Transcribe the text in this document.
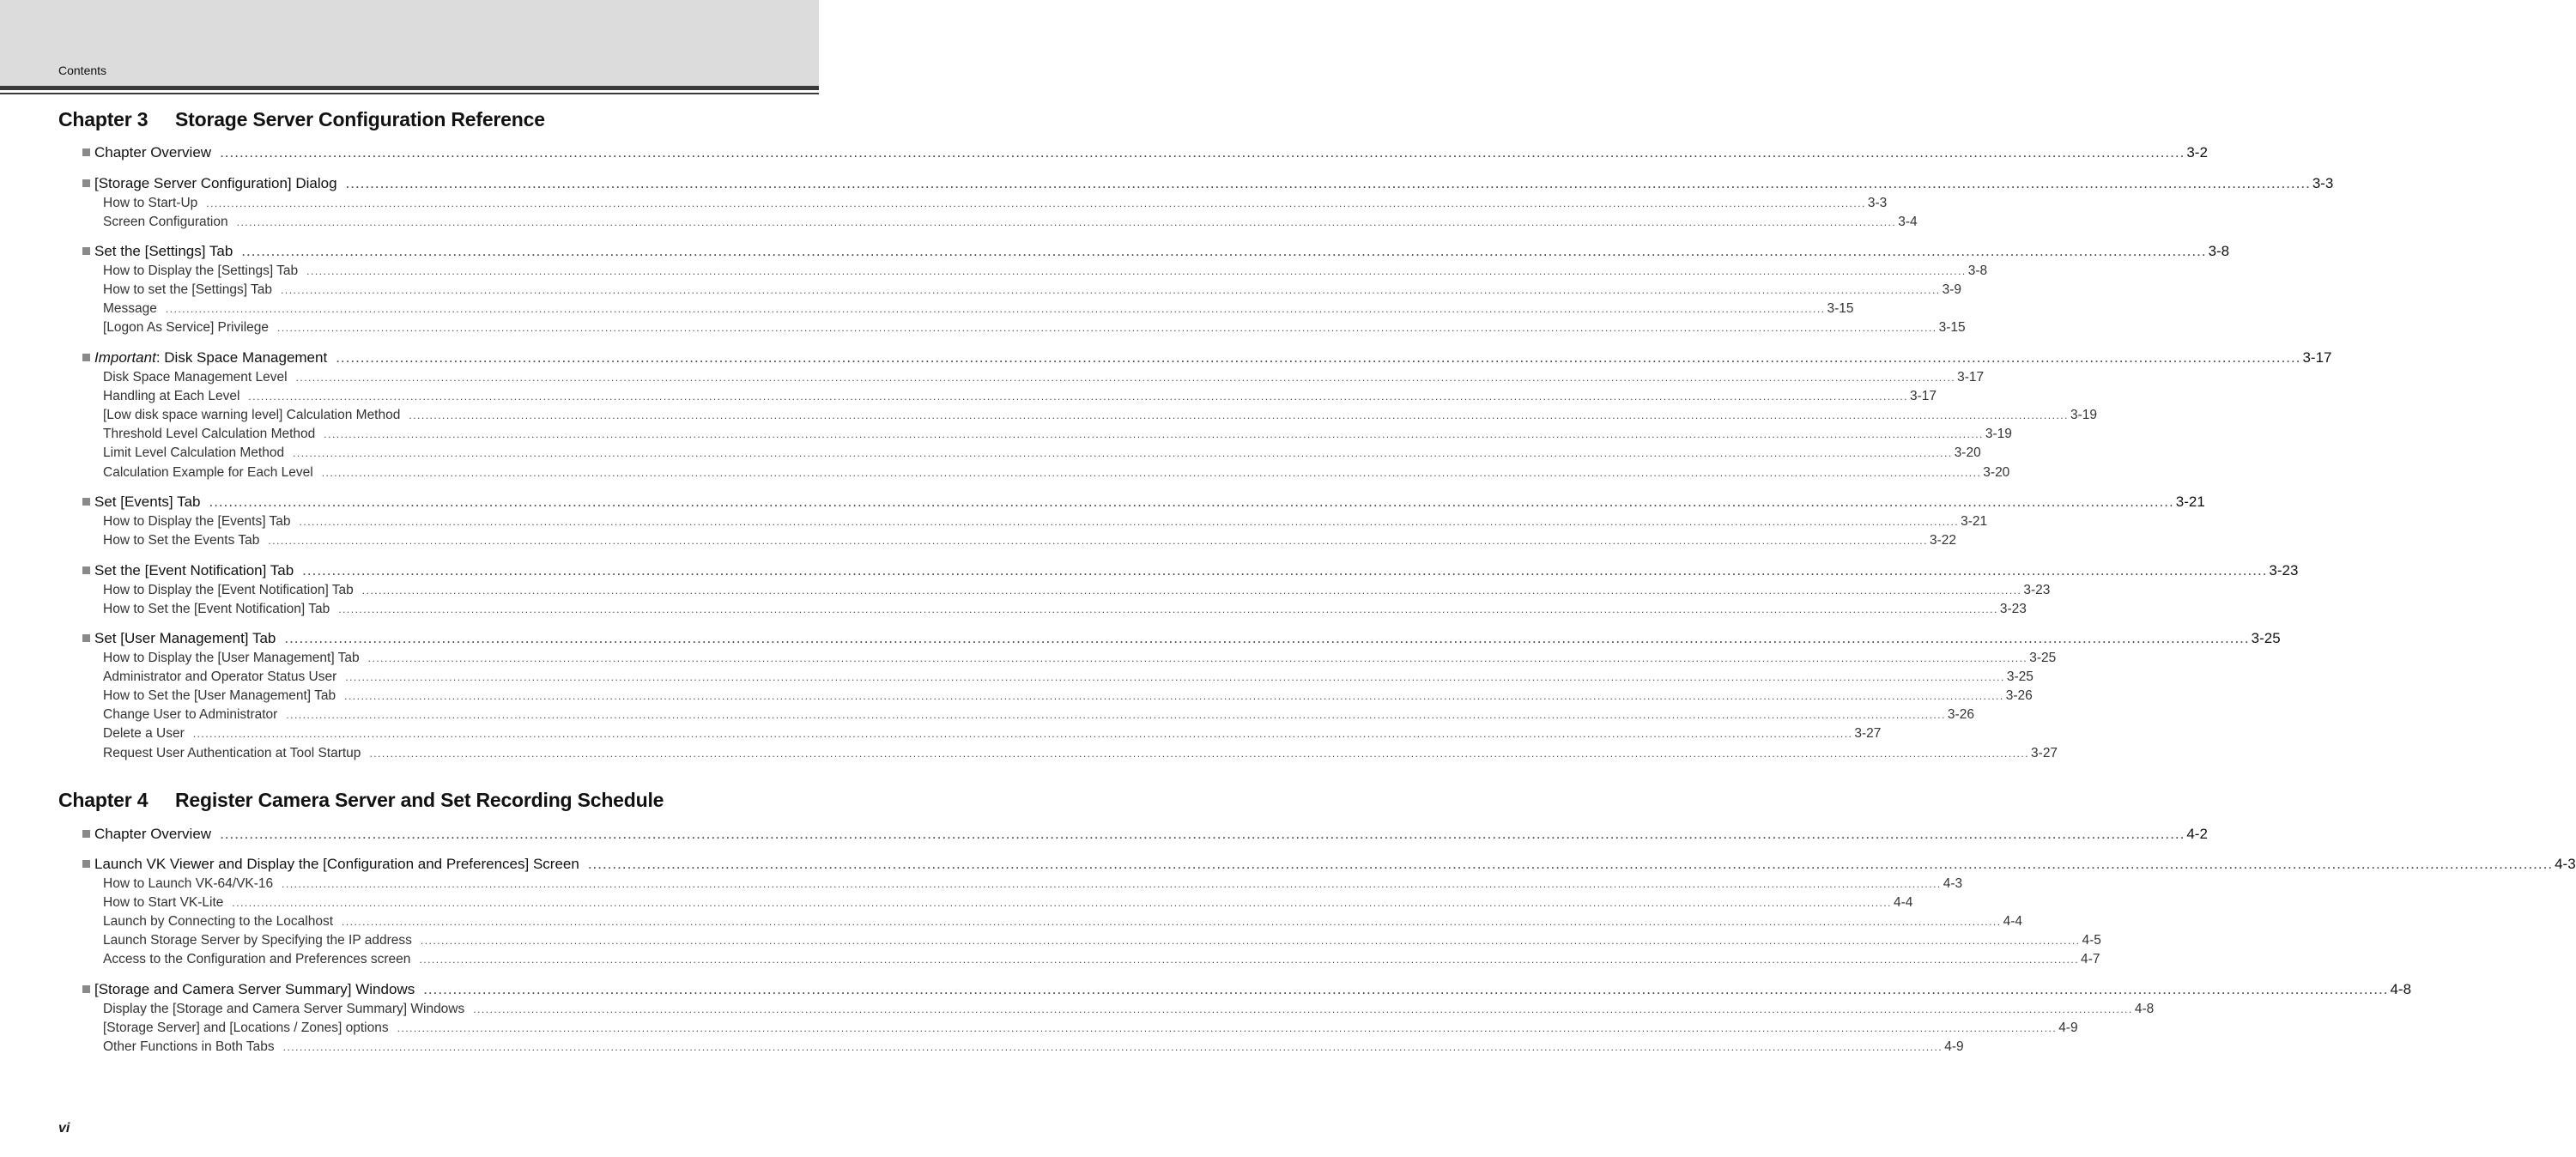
Contents
Chapter 3 Storage Server Configuration Reference
Chapter Overview ................................................................................................................................................................................................................................................................................................................................................................................................................ 3-2
[Storage Server Configuration] Dialog ................................................................................................................................................................................................................................................................................................................................................................................................................ 3-3
How to Start-Up ................................................................................................................................................................................................................................................................................................................................................................................................................ 3-3
Screen Configuration ................................................................................................................................................................................................................................................................................................................................................................................................................ 3-4
Set the [Settings] Tab ................................................................................................................................................................................................................................................................................................................................................................................................................ 3-8
How to Display the [Settings] Tab ................................................................................................................................................................................................................................................................................................................................................................................................................ 3-8
How to set the [Settings] Tab ................................................................................................................................................................................................................................................................................................................................................................................................................ 3-9
Message ................................................................................................................................................................................................................................................................................................................................................................................................................ 3-15
[Logon As Service] Privilege ................................................................................................................................................................................................................................................................................................................................................................................................................ 3-15
Important: Disk Space Management ................................................................................................................................................................................................................................................................................................................................................................................................................ 3-17
Disk Space Management Level ................................................................................................................................................................................................................................................................................................................................................................................................................ 3-17
Handling at Each Level ................................................................................................................................................................................................................................................................................................................................................................................................................ 3-17
[Low disk space warning level] Calculation Method ................................................................................................................................................................................................................................................................................................................................................................................................................ 3-19
Threshold Level Calculation Method ................................................................................................................................................................................................................................................................................................................................................................................................................ 3-19
Limit Level Calculation Method ................................................................................................................................................................................................................................................................................................................................................................................................................ 3-20
Calculation Example for Each Level ................................................................................................................................................................................................................................................................................................................................................................................................................ 3-20
Set [Events] Tab ................................................................................................................................................................................................................................................................................................................................................................................................................ 3-21
How to Display the [Events] Tab ................................................................................................................................................................................................................................................................................................................................................................................................................ 3-21
How to Set the Events Tab ................................................................................................................................................................................................................................................................................................................................................................................................................ 3-22
Set the [Event Notification] Tab ................................................................................................................................................................................................................................................................................................................................................................................................................ 3-23
How to Display the [Event Notification] Tab ................................................................................................................................................................................................................................................................................................................................................................................................................ 3-23
How to Set the [Event Notification] Tab ................................................................................................................................................................................................................................................................................................................................................................................................................ 3-23
Set [User Management] Tab ................................................................................................................................................................................................................................................................................................................................................................................................................ 3-25
How to Display the [User Management] Tab ................................................................................................................................................................................................................................................................................................................................................................................................................ 3-25
Administrator and Operator Status User ................................................................................................................................................................................................................................................................................................................................................................................................................ 3-25
How to Set the [User Management] Tab ................................................................................................................................................................................................................................................................................................................................................................................................................ 3-26
Change User to Administrator ................................................................................................................................................................................................................................................................................................................................................................................................................ 3-26
Delete a User ................................................................................................................................................................................................................................................................................................................................................................................................................ 3-27
Request User Authentication at Tool Startup ................................................................................................................................................................................................................................................................................................................................................................................................................ 3-27
Chapter 4 Register Camera Server and Set Recording Schedule
Chapter Overview ................................................................................................................................................................................................................................................................................................................................................................................................................ 4-2
Launch VK Viewer and Display the [Configuration and Preferences] Screen ................................................................................................................................................................................................................................................................................................................................................................................................................ 4-3
How to Launch VK-64/VK-16 ................................................................................................................................................................................................................................................................................................................................................................................................................ 4-3
How to Start VK-Lite ................................................................................................................................................................................................................................................................................................................................................................................................................ 4-4
Launch by Connecting to the Localhost ................................................................................................................................................................................................................................................................................................................................................................................................................ 4-4
Launch Storage Server by Specifying the IP address ................................................................................................................................................................................................................................................................................................................................................................................................................ 4-5
Access to the Configuration and Preferences screen ................................................................................................................................................................................................................................................................................................................................................................................................................ 4-7
[Storage and Camera Server Summary] Windows ................................................................................................................................................................................................................................................................................................................................................................................................................ 4-8
Display the [Storage and Camera Server Summary] Windows ................................................................................................................................................................................................................................................................................................................................................................................................................ 4-8
[Storage Server] and [Locations / Zones] options ................................................................................................................................................................................................................................................................................................................................................................................................................ 4-9
Other Functions in Both Tabs ................................................................................................................................................................................................................................................................................................................................................................................................................ 4-9
vi
